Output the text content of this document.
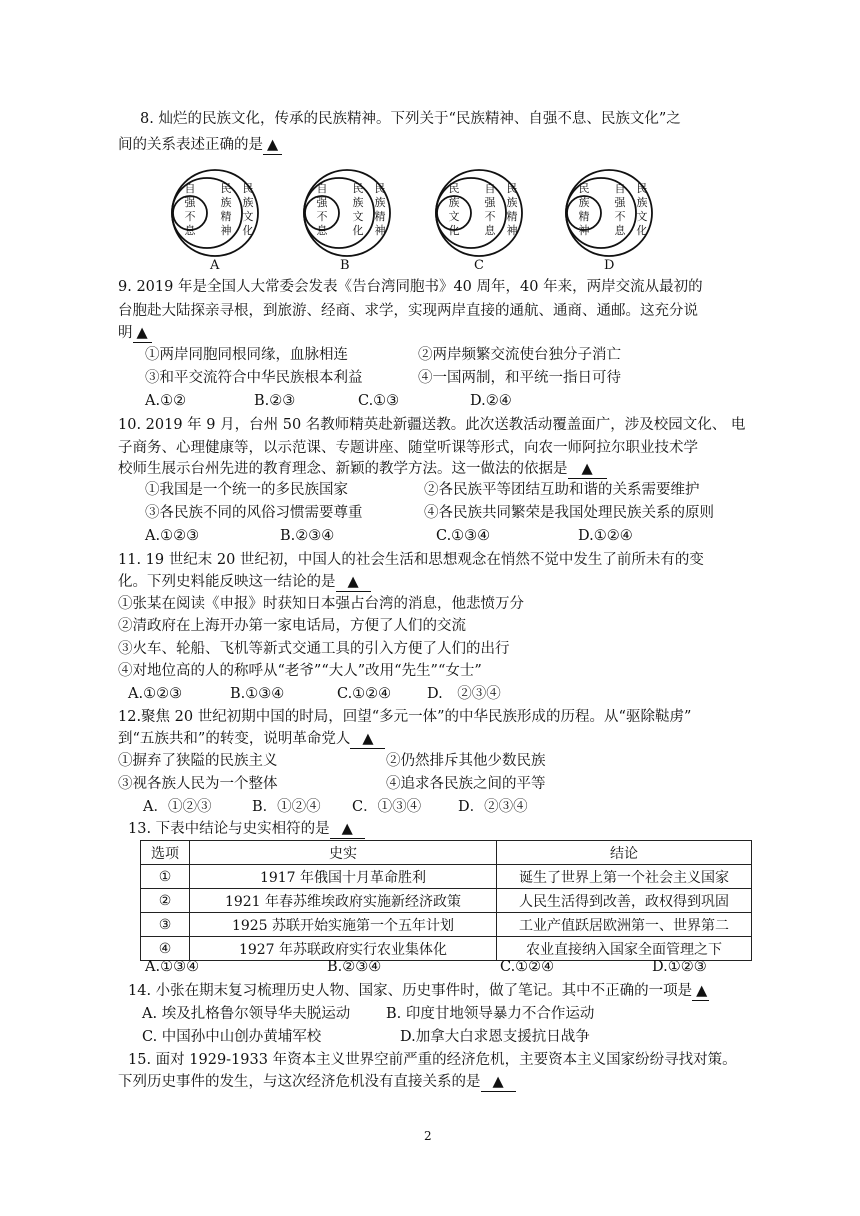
8. 灿烂的民族文化，传承的民族精神。下列关于“民族精神、自强不息、民族文化”之
间的关系表述正确的是 ▲
自
强
不
息
民
族
精
神
民
族
文
化
自
强
不
息
民
族
文
化
民
族
精
神
民
族
文
化
自
强
不
息
民
族
精
神
民
族
精
神
自
强
不
息
民
族
文
化
A	B	C	D
9. 2019 年是全国人大常委会发表《告台湾同胞书》40 周年，40 年来，两岸交流从最初的
台胞赴大陆探亲寻根，到旅游、经商、求学，实现两岸直接的通航、通商、通邮。这充分说
明 ▲
①两岸同胞同根同缘，血脉相连	②两岸频繁交流使台独分子消亡
③和平交流符合中华民族根本利益	④一国两制，和平统一指日可待
A.①②	B.②③	C.①③	D.②④
10. 2019 年 9 月，台州 50 名教师精英赴新疆送教。此次送教活动覆盖面广，涉及校园文化、 电
子商务、心理健康等，以示范课、专题讲座、随堂听课等形式，向农一师阿拉尔职业技术学
校师生展示台州先进的教育理念、新颖的教学方法。这一做法的依据是 ▲
①我国是一个统一的多民族国家	②各民族平等团结互助和谐的关系需要维护
③各民族不同的风俗习惯需要尊重	④各民族共同繁荣是我国处理民族关系的原则
A.①②③	B.②③④	C.①③④	D.①②④
11. 19 世纪末 20 世纪初，中国人的社会生活和思想观念在悄然不觉中发生了前所未有的变
化。下列史料能反映这一结论的是 ▲
①张某在阅读《申报》时获知日本强占台湾的消息，他悲愤万分
②清政府在上海开办第一家电话局，方便了人们的交流
③火车、轮船、飞机等新式交通工具的引入方便了人们的出行
④对地位高的人的称呼从“老爷”“大人”改用“先生”“女士”
A.①②③	B.①③④	C.①②④ D.　②③④
12.聚焦 20 世纪初期中国的时局，回望“多元一体”的中华民族形成的历程。从“驱除鞑虏”
到“五族共和”的转变，说明革命党人 ▲
①摒弃了狭隘的民族主义	②仍然排斥其他少数民族
③视各族人民为一个整体	④追求各民族之间的平等
A．①②③	B．①②④ C．①③④	D．②③④
13. 下表中结论与史实相符的是 ▲
选项	史实	结论
①	1917 年俄国十月革命胜利	诞生了世界上第一个社会主义国家
②	1921 年春苏维埃政府实施新经济政策	人民生活得到改善，政权得到巩固
③	1925 苏联开始实施第一个五年计划	工业产值跃居欧洲第一、世界第二
④	1927 年苏联政府实行农业集体化	农业直接纳入国家全面管理之下
A.①③④	B.②③④	C.①②④	D.①②③
14. 小张在期末复习梳理历史人物、国家、历史事件时，做了笔记。其中不正确的一项是 ▲
A. 埃及扎格鲁尔领导华夫脱运动 B. 印度甘地领导暴力不合作运动
C. 中国孙中山创办黄埔军校	D.加拿大白求恩支援抗日战争
15. 面对 1929-1933 年资本主义世界空前严重的经济危机，主要资本主义国家纷纷寻找对策。
下列历史事件的发生，与这次经济危机没有直接关系的是 ▲
2
